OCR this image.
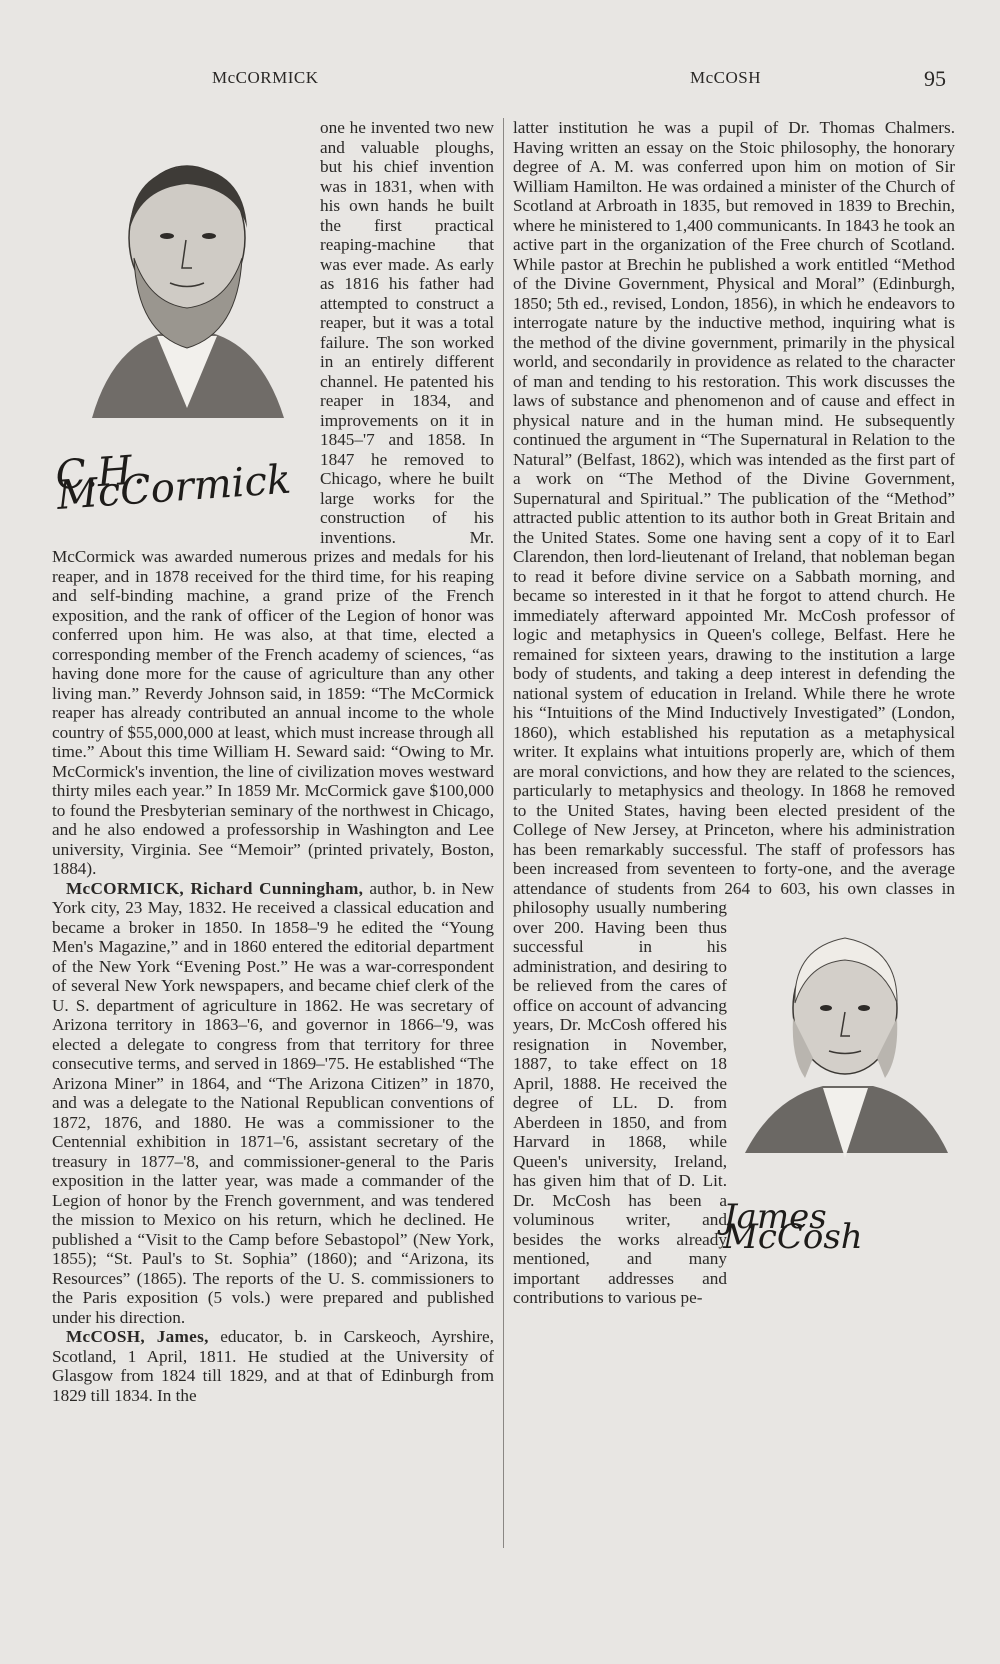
McCORMICK	McCOSH	95
C.H. McCormick

one he invented two new and valuable ploughs, but his chief invention was in 1831, when with his own hands he built the first practical reaping-machine that was ever made. As early as 1816 his father had attempted to construct a reaper, but it was a total failure. The son worked in an entirely different channel. He patented his reaper in 1834, and improvements on it in 1845–'7 and 1858. In 1847 he removed to Chicago, where he built large works for the construction of his inventions. Mr. McCormick was awarded numerous prizes and medals for his reaper, and in 1878 received for the third time, for his reaping and self-binding machine, a grand prize of the French exposition, and the rank of officer of the Legion of honor was conferred upon him. He was also, at that time, elected a corresponding member of the French academy of sciences, “as having done more for the cause of agriculture than any other living man.” Reverdy Johnson said, in 1859: “The McCormick reaper has already contributed an annual income to the whole country of $55,000,000 at least, which must increase through all time.” About this time William H. Seward said: “Owing to Mr. McCormick's invention, the line of civilization moves westward thirty miles each year.” In 1859 Mr. McCormick gave $100,000 to found the Presbyterian seminary of the northwest in Chicago, and he also endowed a professorship in Washington and Lee university, Virginia. See “Memoir” (printed privately, Boston, 1884).

McCORMICK, Richard Cunningham, author, b. in New York city, 23 May, 1832. He received a classical education and became a broker in 1850. In 1858–'9 he edited the “Young Men's Magazine,” and in 1860 entered the editorial department of the New York “Evening Post.” He was a war-correspondent of several New York newspapers, and became chief clerk of the U. S. department of agriculture in 1862. He was secretary of Arizona territory in 1863–'6, and governor in 1866–'9, was elected a delegate to congress from that territory for three consecutive terms, and served in 1869–'75. He established “The Arizona Miner” in 1864, and “The Arizona Citizen” in 1870, and was a delegate to the National Republican conventions of 1872, 1876, and 1880. He was a commissioner to the Centennial exhibition in 1871–'6, assistant secretary of the treasury in 1877–'8, and commissioner-general to the Paris exposition in the latter year, was made a commander of the Legion of honor by the French government, and was tendered the mission to Mexico on his return, which he declined. He published a “Visit to the Camp before Sebastopol” (New York, 1855); “St. Paul's to St. Sophia” (1860); and “Arizona, its Resources” (1865). The reports of the U. S. commissioners to the Paris exposition (5 vols.) were prepared and published under his direction.

McCOSH, James, educator, b. in Carskeoch, Ayrshire, Scotland, 1 April, 1811. He studied at the University of Glasgow from 1824 till 1829, and at that of Edinburgh from 1829 till 1834. In the

James McCosh

latter institution he was a pupil of Dr. Thomas Chalmers. Having written an essay on the Stoic philosophy, the honorary degree of A. M. was conferred upon him on motion of Sir William Hamilton. He was ordained a minister of the Church of Scotland at Arbroath in 1835, but removed in 1839 to Brechin, where he ministered to 1,400 communicants. In 1843 he took an active part in the organization of the Free church of Scotland. While pastor at Brechin he published a work entitled “Method of the Divine Government, Physical and Moral” (Edinburgh, 1850; 5th ed., revised, London, 1856), in which he endeavors to interrogate nature by the inductive method, inquiring what is the method of the divine government, primarily in the physical world, and secondarily in providence as related to the character of man and tending to his restoration. This work discusses the laws of substance and phenomenon and of cause and effect in physical nature and in the human mind. He subsequently continued the argument in “The Supernatural in Relation to the Natural” (Belfast, 1862), which was intended as the first part of a work on “The Method of the Divine Government, Supernatural and Spiritual.” The publication of the “Method” attracted public attention to its author both in Great Britain and the United States. Some one having sent a copy of it to Earl Clarendon, then lord-lieutenant of Ireland, that nobleman began to read it before divine service on a Sabbath morning, and became so interested in it that he forgot to attend church. He immediately afterward appointed Mr. McCosh professor of logic and metaphysics in Queen's college, Belfast. Here he remained for sixteen years, drawing to the institution a large body of students, and taking a deep interest in defending the national system of education in Ireland. While there he wrote his “Intuitions of the Mind Inductively Investigated” (London, 1860), which established his reputation as a metaphysical writer. It explains what intuitions properly are, which of them are moral convictions, and how they are related to the sciences, particularly to metaphysics and theology. In 1868 he removed to the United States, having been elected president of the College of New Jersey, at Princeton, where his administration has been remarkably successful. The staff of professors has been increased from seventeen to forty-one, and the average attendance of students from 264 to 603, his own classes in philosophy usually numbering over 200. Having been thus successful in his administration, and desiring to be relieved from the cares of office on account of advancing years, Dr. McCosh offered his resignation in November, 1887, to take effect on 18 April, 1888. He received the degree of LL. D. from Aberdeen in 1850, and from Harvard in 1868, while Queen's university, Ireland, has given him that of D. Lit. Dr. McCosh has been a voluminous writer, and besides the works already mentioned, and many important addresses and contributions to various pe-
